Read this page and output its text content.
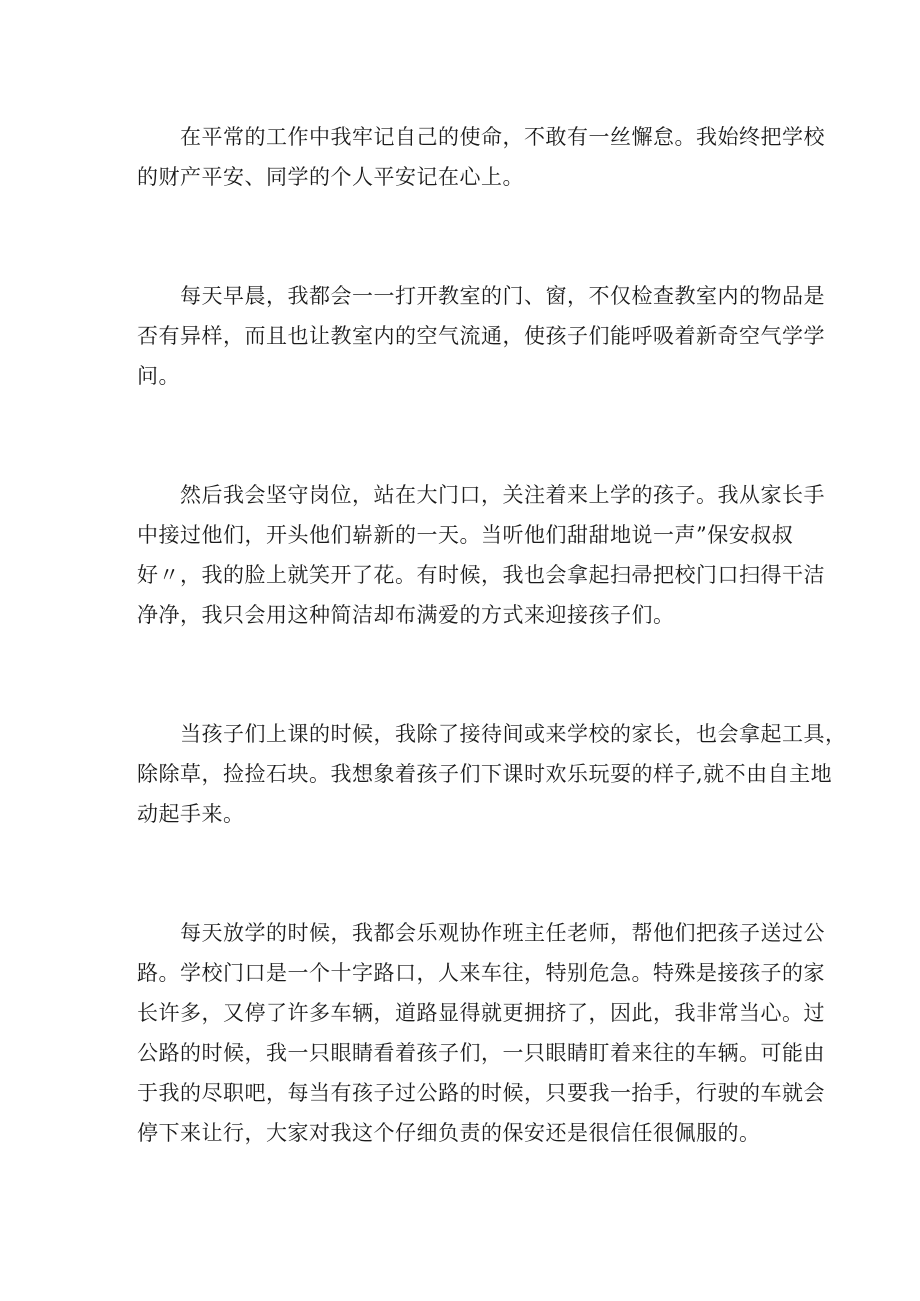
在平常的工作中我牢记自己的使命，不敢有一丝懈怠。我始终把学校
的财产平安、同学的个人平安记在心上。

每天早晨，我都会一一打开教室的门、窗，不仅检查教室内的物品是
否有异样，而且也让教室内的空气流通，使孩子们能呼吸着新奇空气学学
问。

然后我会坚守岗位，站在大门口，关注着来上学的孩子。我从家长手
中接过他们，开头他们崭新的一天。当听他们甜甜地说一声”保安叔叔
好〃，我的脸上就笑开了花。有时候，我也会拿起扫帚把校门口扫得干洁
净净，我只会用这种简洁却布满爱的方式来迎接孩子们。

当孩子们上课的时候，我除了接待间或来学校的家长，也会拿起工具，
除除草，捡捡石块。我想象着孩子们下课时欢乐玩耍的样子,就不由自主地
动起手来。

每天放学的时候，我都会乐观协作班主任老师，帮他们把孩子送过公
路。学校门口是一个十字路口，人来车往，特别危急。特殊是接孩子的家
长许多，又停了许多车辆，道路显得就更拥挤了，因此，我非常当心。过
公路的时候，我一只眼睛看着孩子们，一只眼睛盯着来往的车辆。可能由
于我的尽职吧，每当有孩子过公路的时候，只要我一抬手，行驶的车就会
停下来让行，大家对我这个仔细负责的保安还是很信任很佩服的。
